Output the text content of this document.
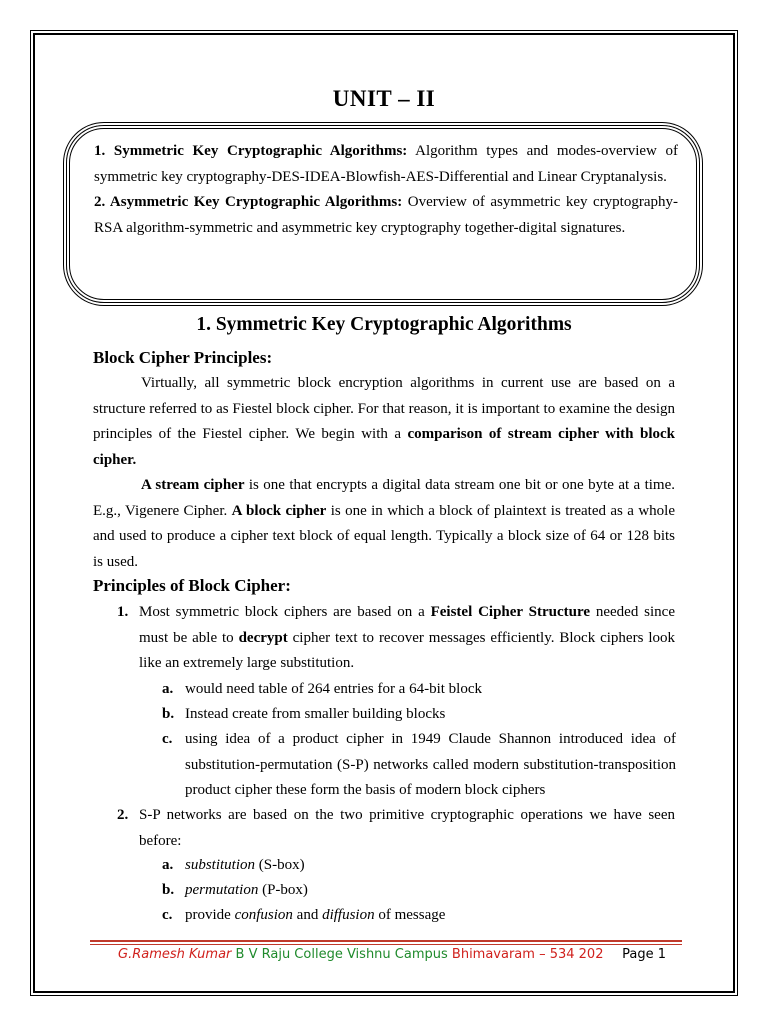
UNIT – II

1. Symmetric Key Cryptographic Algorithms: Algorithm types and modes-overview of symmetric key cryptography-DES-IDEA-Blowfish-AES-Differential and Linear Cryptanalysis.

2. Asymmetric Key Cryptographic Algorithms: Overview of asymmetric key cryptography-RSA algorithm-symmetric and asymmetric key cryptography together-digital signatures.

1. Symmetric Key Cryptographic Algorithms
Block Cipher Principles:

Virtually, all symmetric block encryption algorithms in current use are based on a structure referred to as Fiestel block cipher. For that reason, it is important to examine the design principles of the Fiestel cipher. We begin with a comparison of stream cipher with block cipher.

A stream cipher is one that encrypts a digital data stream one bit or one byte at a time. E.g., Vigenere Cipher. A block cipher is one in which a block of plaintext is treated as a whole and used to produce a cipher text block of equal length. Typically a block size of 64 or 128 bits is used.

Principles of Block Cipher:
1. Most symmetric block ciphers are based on a Feistel Cipher Structure needed since must be able to decrypt cipher text to recover messages efficiently. Block ciphers look like an extremely large substitution.
a. would need table of 264 entries for a 64-bit block
b. Instead create from smaller building blocks
c. using idea of a product cipher in 1949 Claude Shannon introduced idea of substitution-permutation (S-P) networks called modern substitution-transposition product cipher these form the basis of modern block ciphers
2. S-P networks are based on the two primitive cryptographic operations we have seen before:
a. substitution (S-box)
b. permutation (P-box)
c. provide confusion and diffusion of message
G.Ramesh Kumar B V Raju College Vishnu Campus Bhimavaram – 534 202 Page 1
